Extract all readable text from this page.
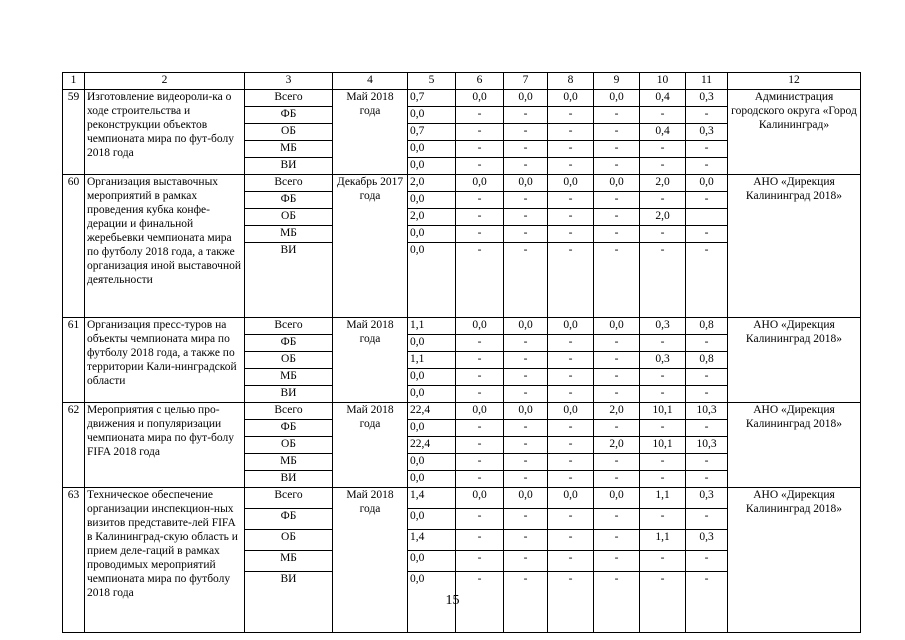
1	2	3	4	5	6	7	8	9	10	11	12
59	Изготовление видеороли-ка о ходе строительства и реконструкции объектов чемпионата мира по фут-болу 2018 года	Всего	Май 2018 года	0,7	0,0	0,0	0,0	0,0	0,4	0,3	Администрация городского округа «Город Калининград»
		ФБ		0,0	-	-	-	-	-	-	
		ОБ		0,7	-	-	-	-	0,4	0,3	
		МБ		0,0	-	-	-	-	-	-	
		ВИ		0,0	-	-	-	-	-	-	
60	Организация выставочных мероприятий в рамках проведения кубка конфе-дерации и финальной жеребьевки чемпионата мира по футболу 2018 года, а также организация иной выставочной деятельности	Всего	Декабрь 2017 года	2,0	0,0	0,0	0,0	0,0	2,0	0,0	АНО «Дирекция Калининград 2018»
		ФБ		0,0	-	-	-	-	-	-	
		ОБ		2,0	-	-	-	-	2,0		
		МБ		0,0	-	-	-	-	-	-	
		ВИ		0,0	-	-	-	-	-	-	
61	Организация пресс-туров на объекты чемпионата мира по футболу 2018 года, а также по территории Кали-нинградской области	Всего	Май 2018 года	1,1	0,0	0,0	0,0	0,0	0,3	0,8	АНО «Дирекция Калининград 2018»
		ФБ		0,0	-	-	-	-	-	-	
		ОБ		1,1	-	-	-	-	0,3	0,8	
		МБ		0,0	-	-	-	-	-	-	
		ВИ		0,0	-	-	-	-	-	-	
62	Мероприятия с целью про-движения и популяризации чемпионата мира по фут-болу FIFA 2018 года	Всего	Май 2018 года	22,4	0,0	0,0	0,0	2,0	10,1	10,3	АНО «Дирекция Калининград 2018»
		ФБ		0,0	-	-	-	-	-	-	
		ОБ		22,4	-	-	-	2,0	10,1	10,3	
		МБ		0,0	-	-	-	-	-	-	
		ВИ		0,0	-	-	-	-	-	-	
63	Техническое обеспечение организации инспекцион-ных визитов представите-лей FIFA в Калининград-скую область и прием деле-гаций в рамках проводимых мероприятий чемпионата мира по футболу 2018 года	Всего	Май 2018 года	1,4	0,0	0,0	0,0	0,0	1,1	0,3	АНО «Дирекция Калининград 2018»
		ФБ		0,0	-	-	-	-	-	-	
		ОБ		1,4	-	-	-	-	1,1	0,3	
		МБ		0,0	-	-	-	-	-	-	
		ВИ		0,0	-	-	-	-	-	-	
15
